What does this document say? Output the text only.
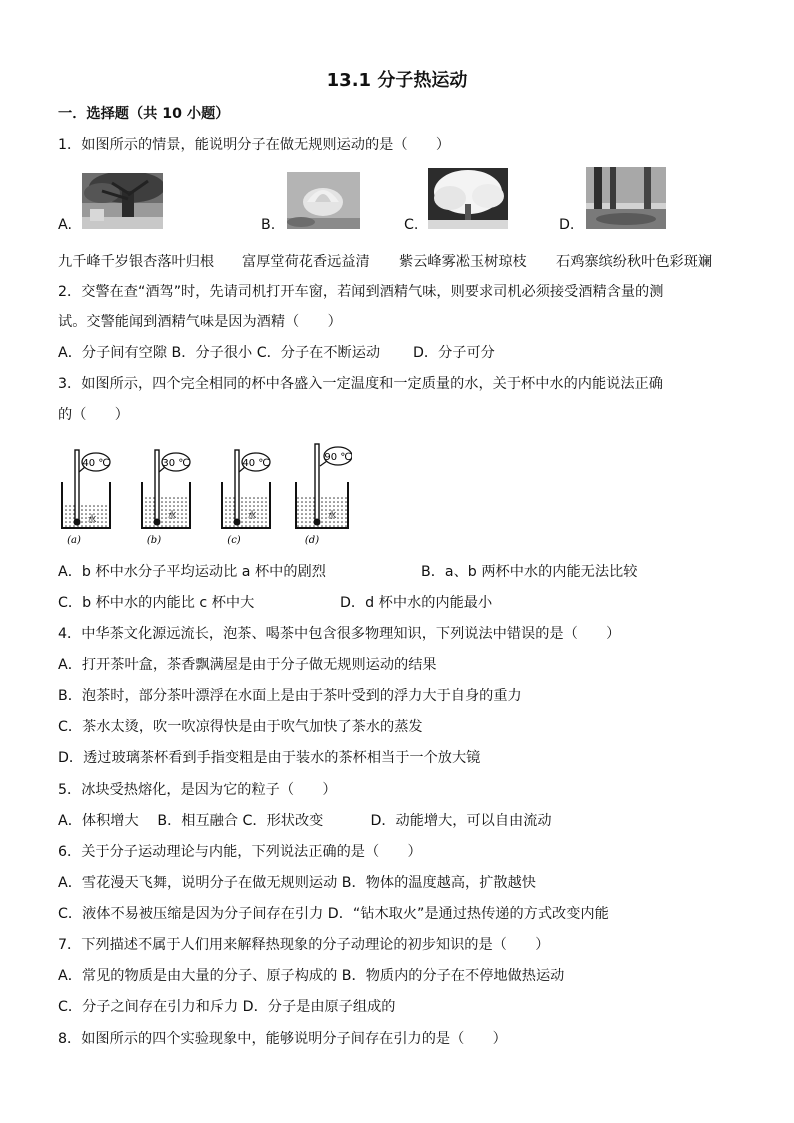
13.1 分子热运动
一．选择题（共 10 小题）
1．如图所示的情景，能说明分子在做无规则运动的是（　　）
A.	B.	C.	D.
九千峰千岁银杏落叶归根 富厚堂荷花香远益清 紫云峰雾凇玉树琼枝 石鸡寨缤纷秋叶色彩斑斓
2．交警在查“酒驾”时，先请司机打开车窗，若闻到酒精气味，则要求司机必须接受酒精含量的测
试。交警能闻到酒精气味是因为酒精（　　）
A．分子间有空隙 B．分子很小 C．分子在不断运动　　 D．分子可分
3．如图所示，四个完全相同的杯中各盛入一定温度和一定质量的水，关于杯中水的内能说法正确
的（　　）
40 ℃
水
(a)
30 ℃
水
(b)
40 ℃
水
(c)
90 ℃
水
(d)
A．b 杯中水分子平均运动比 a 杯中的剧烈	B．a、b 两杯中水的内能无法比较
C．b 杯中水的内能比 c 杯中大	D．d 杯中水的内能最小
4．中华茶文化源远流长，泡茶、喝茶中包含很多物理知识，下列说法中错误的是（　　）
A．打开茶叶盒，茶香飘满屋是由于分子做无规则运动的结果
B．泡茶时，部分茶叶漂浮在水面上是由于茶叶受到的浮力大于自身的重力
C．茶水太烫，吹一吹凉得快是由于吹气加快了茶水的蒸发
D．透过玻璃茶杯看到手指变粗是由于装水的茶杯相当于一个放大镜
5．冰块受热熔化，是因为它的粒子（　　）
A．体积增大　 B．相互融合 C．形状改变　　　 D．动能增大，可以自由流动
6．关于分子运动理论与内能，下列说法正确的是（　　）
A．雪花漫天飞舞，说明分子在做无规则运动 B．物体的温度越高，扩散越快
C．液体不易被压缩是因为分子间存在引力 D．“钻木取火”是通过热传递的方式改变内能
7．下列描述不属于人们用来解释热现象的分子动理论的初步知识的是（　　）
A．常见的物质是由大量的分子、原子构成的 B．物质内的分子在不停地做热运动
C．分子之间存在引力和斥力 D．分子是由原子组成的
8．如图所示的四个实验现象中，能够说明分子间存在引力的是（　　）
